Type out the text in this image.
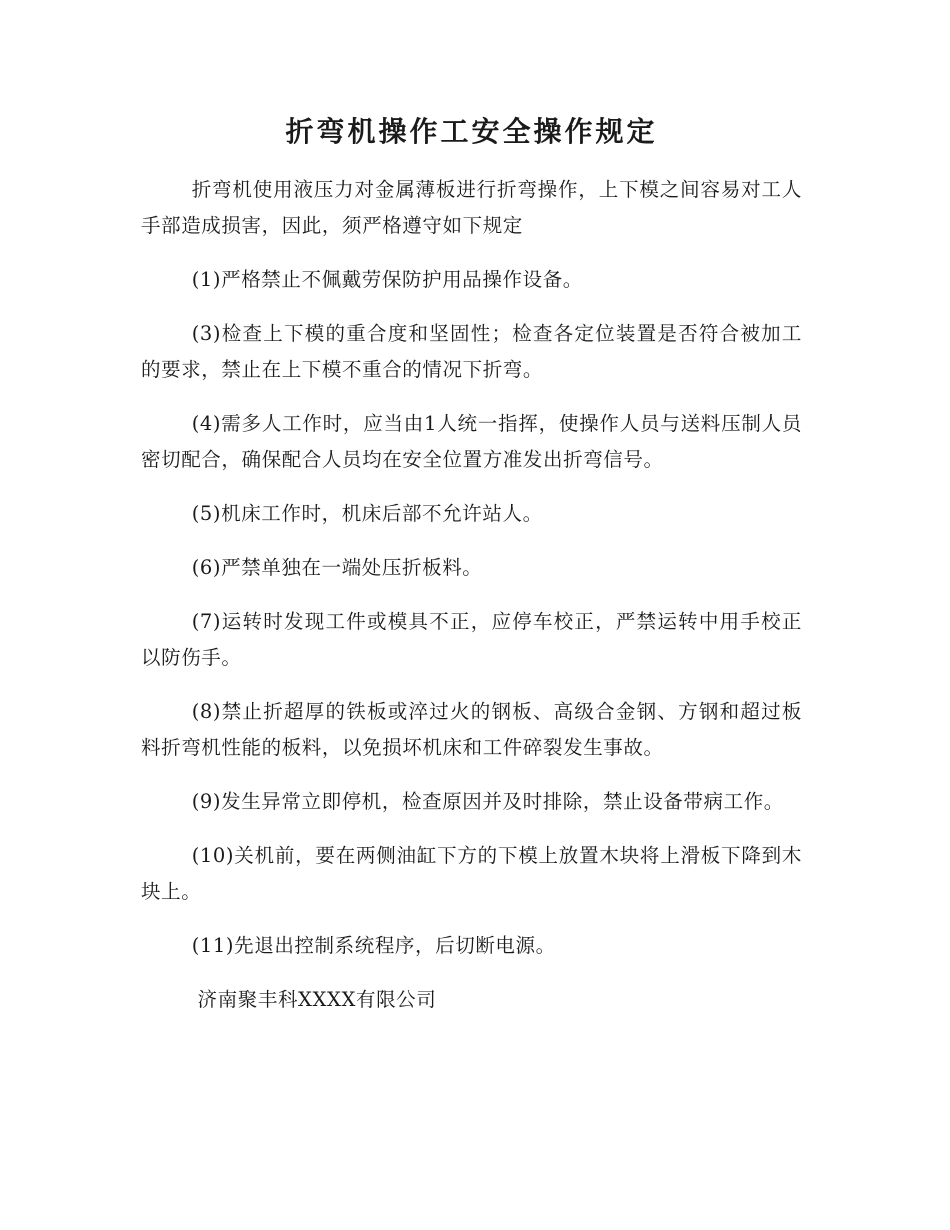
折弯机操作工安全操作规定

折弯机使用液压力对金属薄板进行折弯操作，上下模之间容易对工人手部造成损害，因此，须严格遵守如下规定

(1)严格禁止不佩戴劳保防护用品操作设备。

(3)检查上下模的重合度和坚固性；检查各定位装置是否符合被加工的要求，禁止在上下模不重合的情况下折弯。

(4)需多人工作时，应当由1人统一指挥，使操作人员与送料压制人员密切配合，确保配合人员均在安全位置方准发出折弯信号。

(5)机床工作时，机床后部不允许站人。

(6)严禁单独在一端处压折板料。

(7)运转时发现工件或模具不正，应停车校正，严禁运转中用手校正以防伤手。

(8)禁止折超厚的铁板或淬过火的钢板、高级合金钢、方钢和超过板料折弯机性能的板料，以免损坏机床和工件碎裂发生事故。

(9)发生异常立即停机，检查原因并及时排除，禁止设备带病工作。

(10)关机前，要在两侧油缸下方的下模上放置木块将上滑板下降到木块上。

(11)先退出控制系统程序，后切断电源。

济南聚丰科XXXX有限公司
